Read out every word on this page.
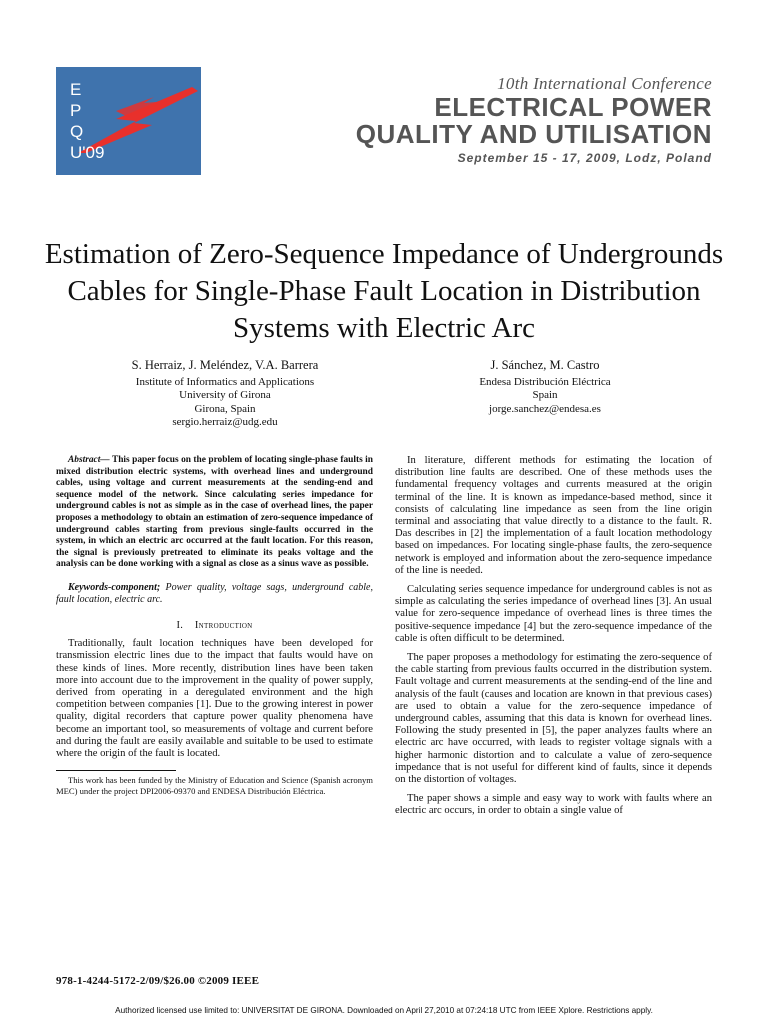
E
P
Q
U'09
10th International Conference
ELECTRICAL POWER
QUALITY AND UTILISATION
September 15 - 17, 2009, Lodz, Poland
Estimation of Zero-Sequence Impedance of Undergrounds Cables for Single-Phase Fault Location in Distribution Systems with Electric Arc
S. Herraiz, J. Meléndez, V.A. Barrera
Institute of Informatics and Applications
University of Girona
Girona, Spain
sergio.herraiz@udg.edu
J. Sánchez, M. Castro
Endesa Distribución Eléctrica
Spain
jorge.sanchez@endesa.es

Abstract— This paper focus on the problem of locating single-phase faults in mixed distribution electric systems, with overhead lines and underground cables, using voltage and current measurements at the sending-end and sequence model of the network. Since calculating series impedance for underground cables is not as simple as in the case of overhead lines, the paper proposes a methodology to obtain an estimation of zero-sequence impedance of underground cables starting from previous single-faults occurred in the system, in which an electric arc occurred at the fault location. For this reason, the signal is previously pretreated to eliminate its peaks voltage and the analysis can be done working with a signal as close as a sinus wave as possible.

Keywords-component; Power quality, voltage sags, underground cable, fault location, electric arc.

I. Introduction

Traditionally, fault location techniques have been developed for transmission electric lines due to the impact that faults would have on these kinds of lines. More recently, distribution lines have been taken more into account due to the improvement in the quality of power supply, derived from operating in a deregulated environment and the high competition between companies [1]. Due to the growing interest in power quality, digital recorders that capture power quality phenomena have become an important tool, so measurements of voltage and current before and during the fault are easily available and suitable to be used to estimate where the origin of the fault is located.

This work has been funded by the Ministry of Education and Science (Spanish acronym MEC) under the project DPI2006-09370 and ENDESA Distribución Eléctrica.

In literature, different methods for estimating the location of distribution line faults are described. One of these methods uses the fundamental frequency voltages and currents measured at the origin terminal of the line. It is known as impedance-based method, since it consists of calculating line impedance as seen from the line origin terminal and associating that value directly to a distance to the fault. R. Das describes in [2] the implementation of a fault location methodology based on impedances. For locating single-phase faults, the zero-sequence network is employed and information about the zero-sequence impedance of the line is needed.

Calculating series sequence impedance for underground cables is not as simple as calculating the series impedance of overhead lines [3]. An usual value for zero-sequence impedance of overhead lines is three times the positive-sequence impedance [4] but the zero-sequence impedance of the cable is often difficult to be determined.

The paper proposes a methodology for estimating the zero-sequence of the cable starting from previous faults occurred in the distribution system. Fault voltage and current measurements at the sending-end of the line and analysis of the fault (causes and location are known in that previous cases) are used to obtain a value for the zero-sequence impedance of underground cables, assuming that this data is known for overhead lines. Following the study presented in [5], the paper analyzes faults where an electric arc have occurred, with leads to register voltage signals with a higher harmonic distortion and to calculate a value of zero-sequence impedance that is not useful for different kind of faults, since it depends on the distortion of voltages.

The paper shows a simple and easy way to work with faults where an electric arc occurs, in order to obtain a single value of

978-1-4244-5172-2/09/$26.00 ©2009 IEEE
Authorized licensed use limited to: UNIVERSITAT DE GIRONA. Downloaded on April 27,2010 at 07:24:18 UTC from IEEE Xplore. Restrictions apply.
